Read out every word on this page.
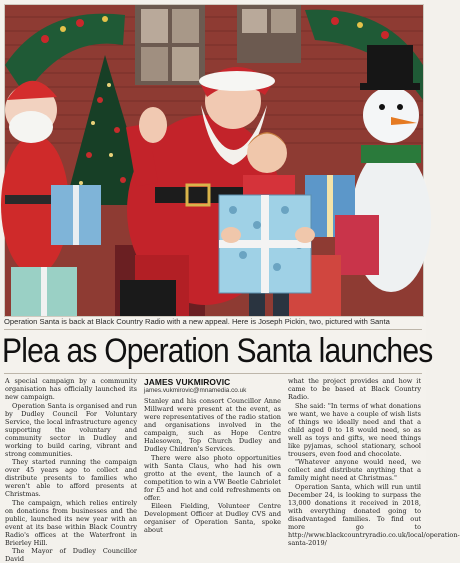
Operation Santa is back at Black Country Radio with a new appeal. Here is Joseph Pickin, two, pictured with Santa
Plea as Operation Santa launches

A special campaign by a community organisation has officially launched its new campaign.

Operation Santa is organised and run by Dudley Council For Voluntary Service, the local infrastructure agency supporting the voluntary and community sector in Dudley and working to build caring, vibrant and strong communities.

They started running the campaign over 45 years ago to collect and distribute presents to families who weren't able to afford presents at Christmas.

The campaign, which relies entirely on donations from businesses and the public, launched its new year with an event at its base within Black Country Radio's offices at the Waterfront in Brierley Hill.

The Mayor of Dudley Councillor David

JAMES VUKMIROVIC
james.vukmirovic@mnamedia.co.uk

Stanley and his consort Councillor Anne Millward were present at the event, as were representatives of the radio station and organisations involved in the campaign, such as Hope Centre Halesowen, Top Church Dudley and Dudley Children's Services.

There were also photo opportunities with Santa Claus, who had his own grotto at the event, the launch of a competition to win a VW Beetle Cabriolet for £5 and hot and cold refreshments on offer.

Eileen Fielding, Volunteer Centre Development Officer at Dudley CVS and organiser of Operation Santa, spoke about

what the project provides and how it came to be based at Black Country Radio.

She said: "In terms of what donations we want, we have a couple of wish lists of things we ideally need and that a child aged 0 to 18 would need, so as well as toys and gifts, we need things like pyjamas, school stationary, school trousers, even food and chocolate.

"Whatever anyone would need, we collect and distribute anything that a family might need at Christmas."

Operation Santa, which will run until December 24, is looking to surpass the 13,000 donations it received in 2018, with everything donated going to disadvantaged families. To find out more go to http://www.blackcountryradio.co.uk/local/operation-santa-2019/
